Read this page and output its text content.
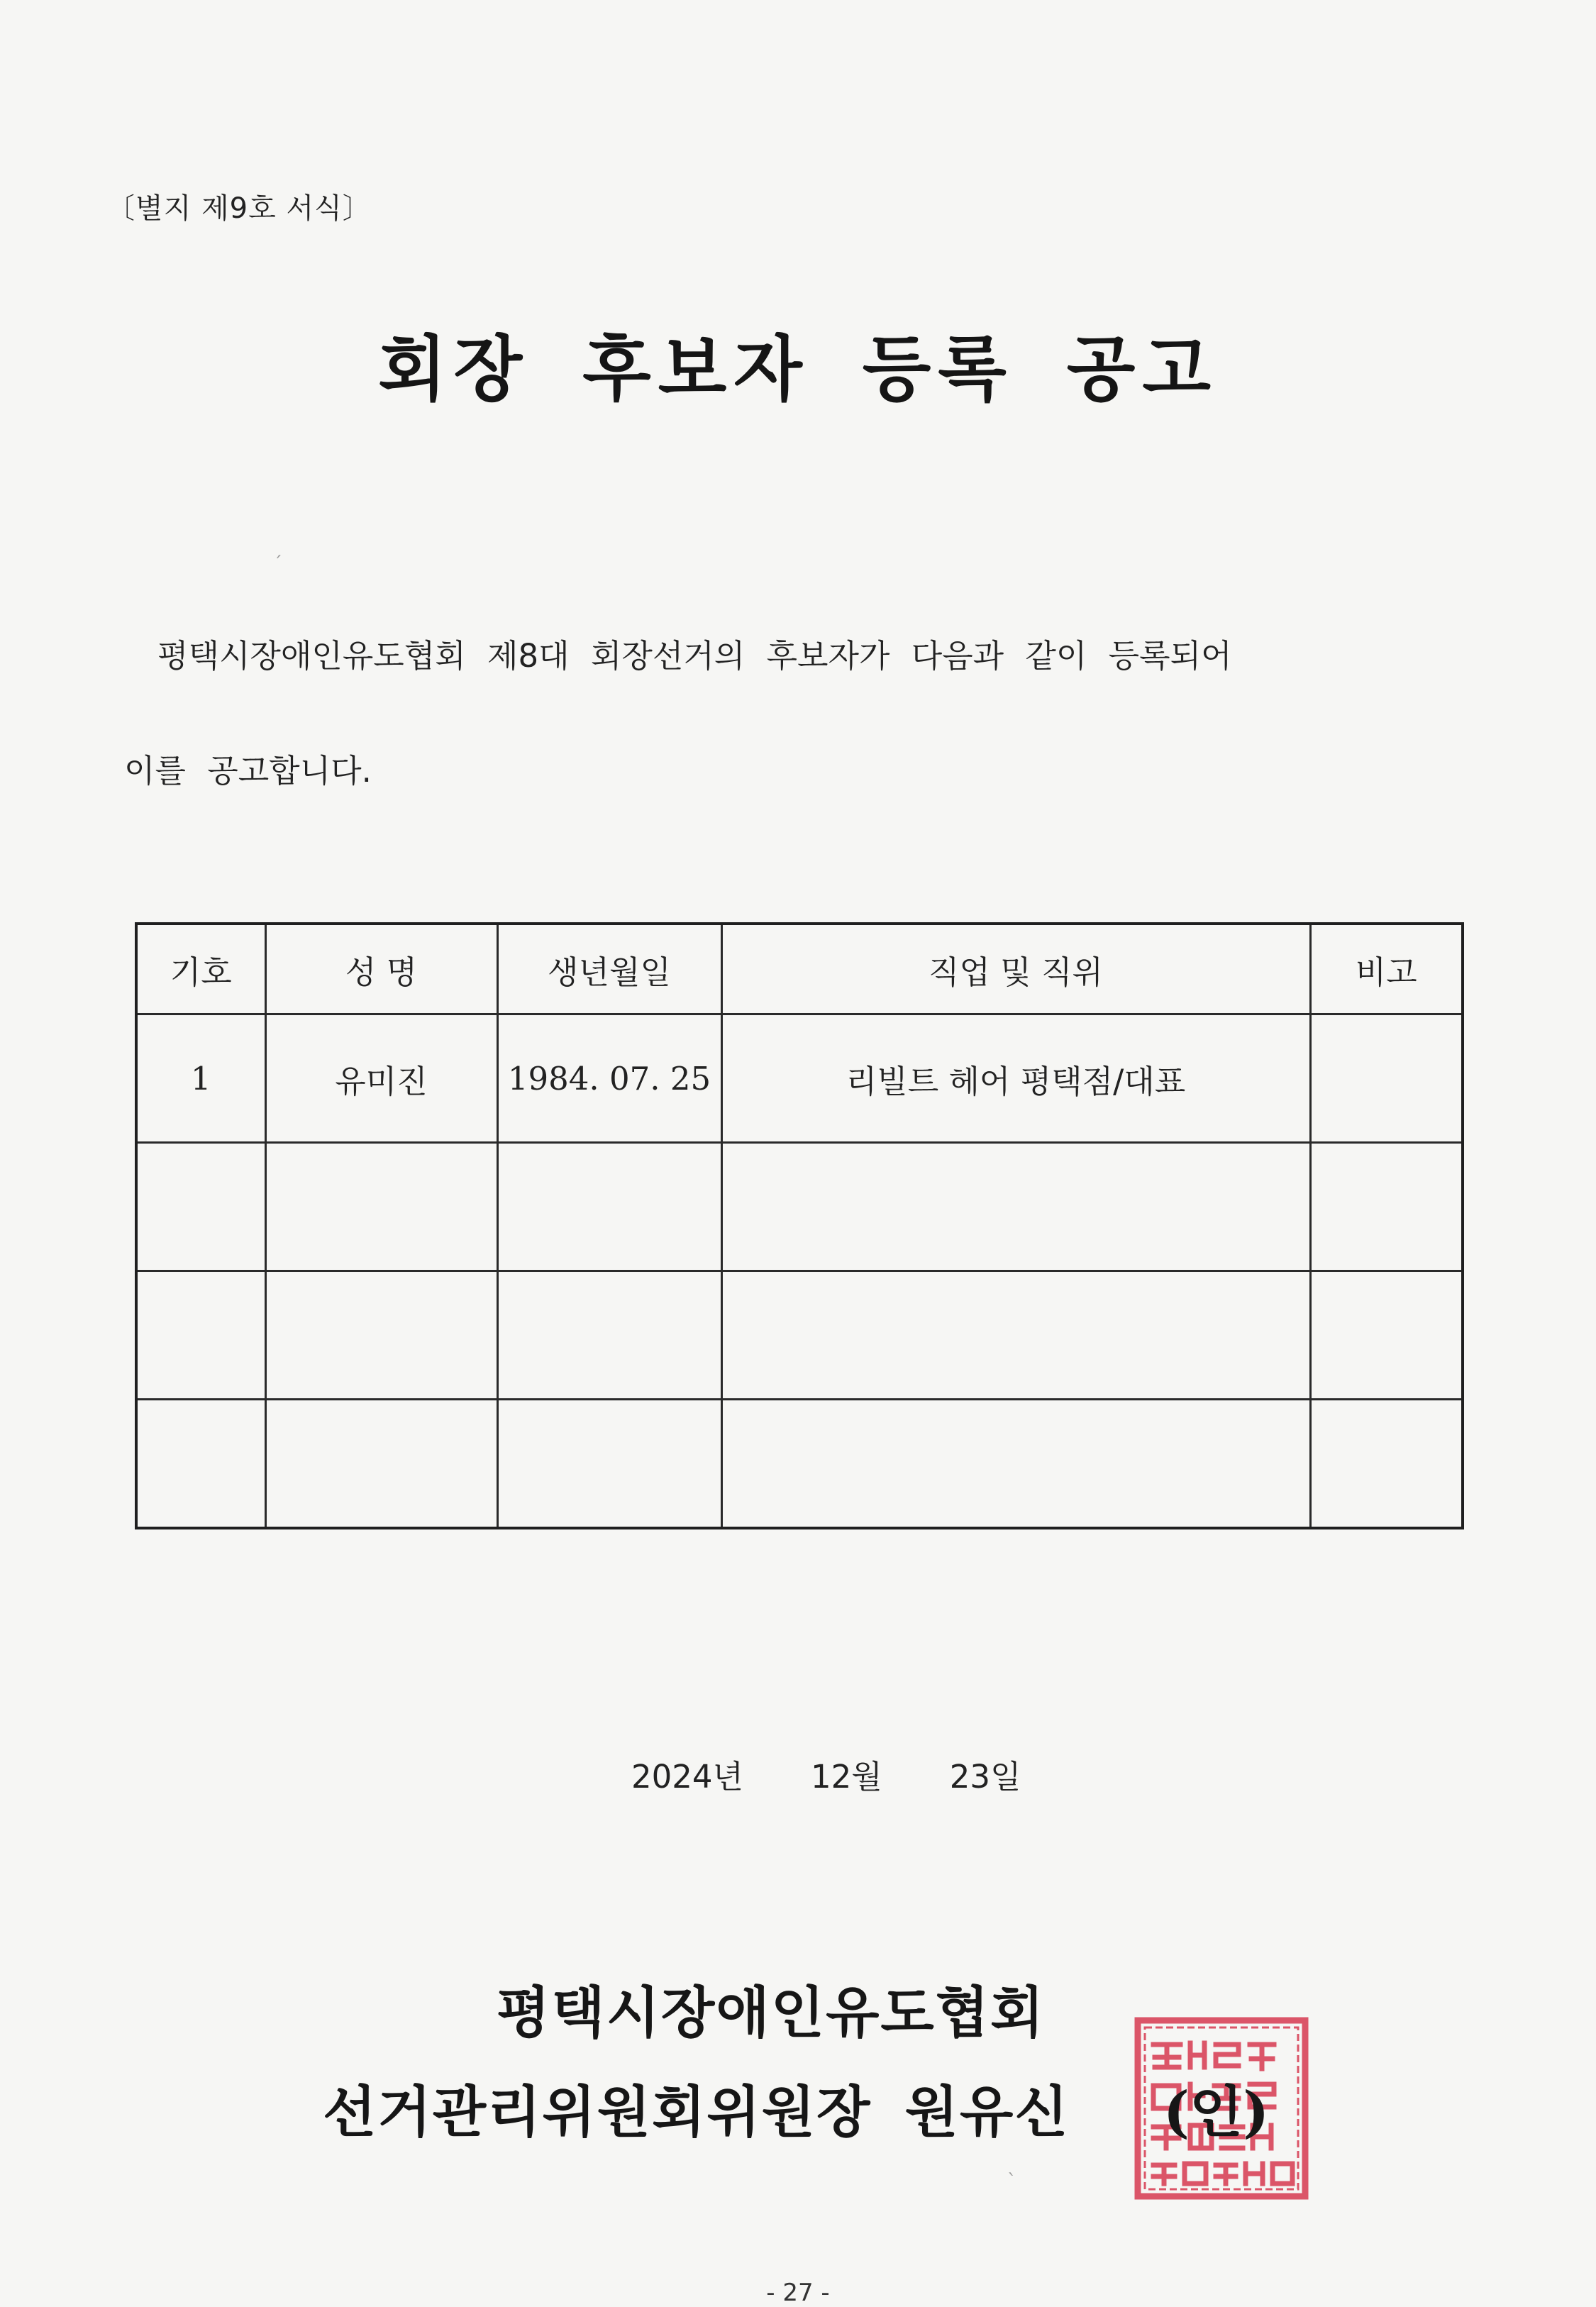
〔별지 제9호 서식〕
회장 후보자 등록 공고
평택시장애인유도협회 제8대 회장선거의 후보자가 다음과 같이 등록되어
이를 공고합니다.
기호	성 명	생년월일	직업 및 직위	비고
1	유미진	1984. 07. 25	리빌트 헤어 평택점/대표	

2024년 12월 23일
평택시장애인유도협회
선거관리위원회위원장 원유신 (인)
- 27 -
ˊ
ˋ
